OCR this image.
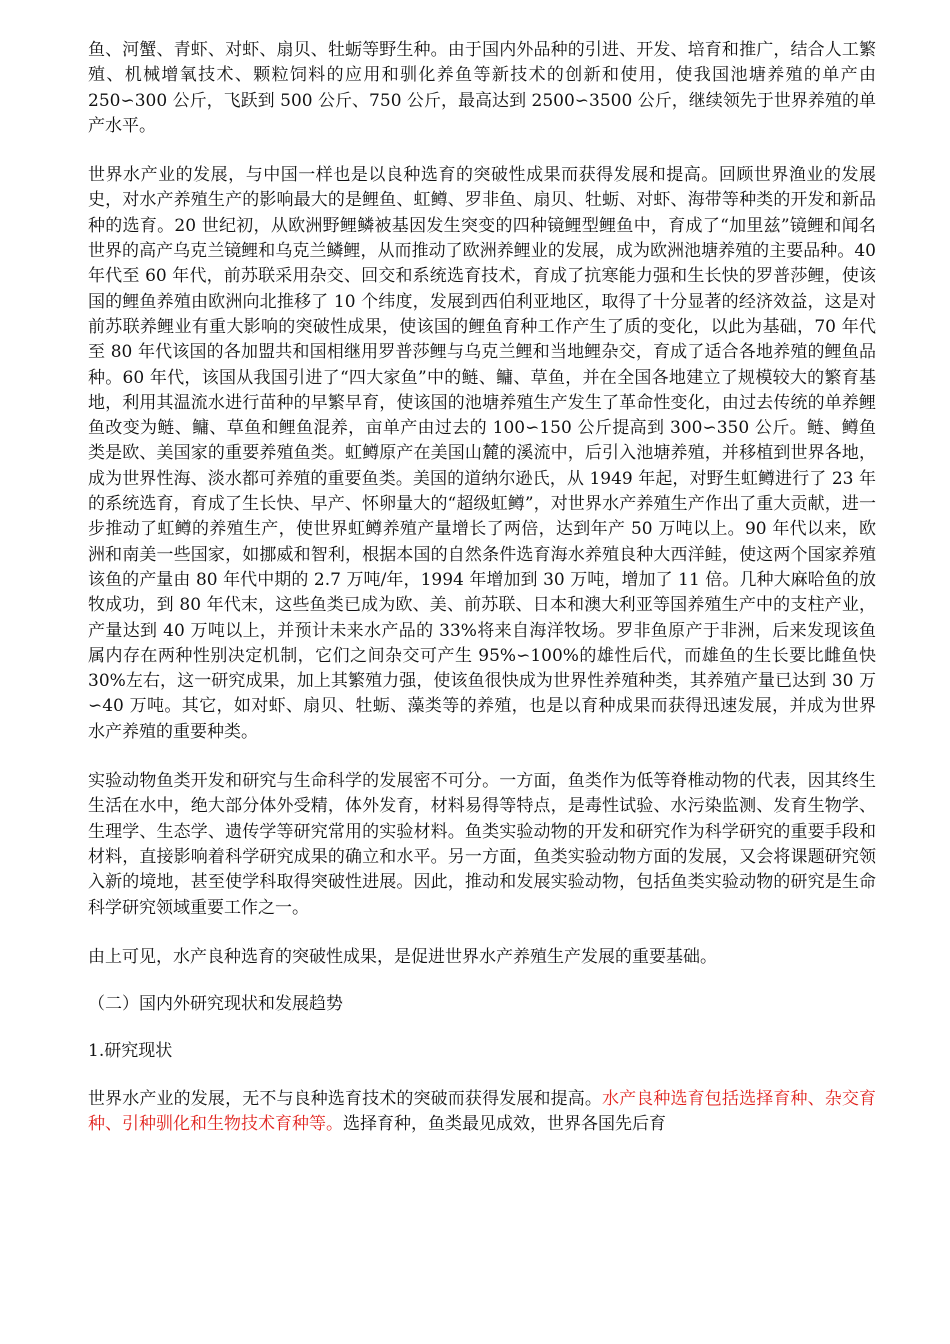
鱼、河蟹、青虾、对虾、扇贝、牡蛎等野生种。由于国内外品种的引进、开发、培育和推广，结合人工繁殖、机械增氧技术、颗粒饲料的应用和驯化养鱼等新技术的创新和使用，使我国池塘养殖的单产由 250∽300 公斤，飞跃到 500 公斤、750 公斤，最高达到 2500∽3500 公斤，继续领先于世界养殖的单产水平。

世界水产业的发展，与中国一样也是以良种选育的突破性成果而获得发展和提高。回顾世界渔业的发展史，对水产养殖生产的影响最大的是鲤鱼、虹鳟、罗非鱼、扇贝、牡蛎、对虾、海带等种类的开发和新品种的选育。20 世纪初，从欧洲野鲤鳞被基因发生突变的四种镜鲤型鲤鱼中，育成了“加里兹”镜鲤和闻名世界的高产乌克兰镜鲤和乌克兰鳞鲤，从而推动了欧洲养鲤业的发展，成为欧洲池塘养殖的主要品种。40 年代至 60 年代，前苏联采用杂交、回交和系统选育技术，育成了抗寒能力强和生长快的罗普莎鲤，使该国的鲤鱼养殖由欧洲向北推移了 10 个纬度，发展到西伯利亚地区，取得了十分显著的经济效益，这是对前苏联养鲤业有重大影响的突破性成果，使该国的鲤鱼育种工作产生了质的变化，以此为基础，70 年代至 80 年代该国的各加盟共和国相继用罗普莎鲤与乌克兰鲤和当地鲤杂交，育成了适合各地养殖的鲤鱼品种。60 年代，该国从我国引进了“四大家鱼”中的鲢、鳙、草鱼，并在全国各地建立了规模较大的繁育基地，利用其温流水进行苗种的早繁早育，使该国的池塘养殖生产发生了革命性变化，由过去传统的单养鲤鱼改变为鲢、鳙、草鱼和鲤鱼混养，亩单产由过去的 100∽150 公斤提高到 300∽350 公斤。鲢、鳟鱼类是欧、美国家的重要养殖鱼类。虹鳟原产在美国山麓的溪流中，后引入池塘养殖，并移植到世界各地，成为世界性海、淡水都可养殖的重要鱼类。美国的道纳尔逊氏，从 1949 年起，对野生虹鳟进行了 23 年的系统选育，育成了生长快、早产、怀卵量大的“超级虹鳟”，对世界水产养殖生产作出了重大贡献，进一步推动了虹鳟的养殖生产，使世界虹鳟养殖产量增长了两倍，达到年产 50 万吨以上。90 年代以来，欧洲和南美一些国家，如挪威和智利，根据本国的自然条件选育海水养殖良种大西洋鲑，使这两个国家养殖该鱼的产量由 80 年代中期的 2.7 万吨/年，1994 年增加到 30 万吨，增加了 11 倍。几种大麻哈鱼的放牧成功，到 80 年代末，这些鱼类已成为欧、美、前苏联、日本和澳大利亚等国养殖生产中的支柱产业，产量达到 40 万吨以上，并预计未来水产品的 33%将来自海洋牧场。罗非鱼原产于非洲，后来发现该鱼属内存在两种性别决定机制，它们之间杂交可产生 95%∽100%的雄性后代，而雄鱼的生长要比雌鱼快 30%左右，这一研究成果，加上其繁殖力强，使该鱼很快成为世界性养殖种类，其养殖产量已达到 30 万∽40 万吨。其它，如对虾、扇贝、牡蛎、藻类等的养殖，也是以育种成果而获得迅速发展，并成为世界水产养殖的重要种类。

实验动物鱼类开发和研究与生命科学的发展密不可分。一方面，鱼类作为低等脊椎动物的代表，因其终生生活在水中，绝大部分体外受精，体外发育，材料易得等特点，是毒性试验、水污染监测、发育生物学、生理学、生态学、遗传学等研究常用的实验材料。鱼类实验动物的开发和研究作为科学研究的重要手段和材料，直接影响着科学研究成果的确立和水平。另一方面，鱼类实验动物方面的发展，又会将课题研究领入新的境地，甚至使学科取得突破性进展。因此，推动和发展实验动物，包括鱼类实验动物的研究是生命科学研究领域重要工作之一。

由上可见，水产良种选育的突破性成果，是促进世界水产养殖生产发展的重要基础。

（二）国内外研究现状和发展趋势

1.研究现状

世界水产业的发展，无不与良种选育技术的突破而获得发展和提高。水产良种选育包括选择育种、杂交育种、引种驯化和生物技术育种等。选择育种，鱼类最见成效，世界各国先后育
